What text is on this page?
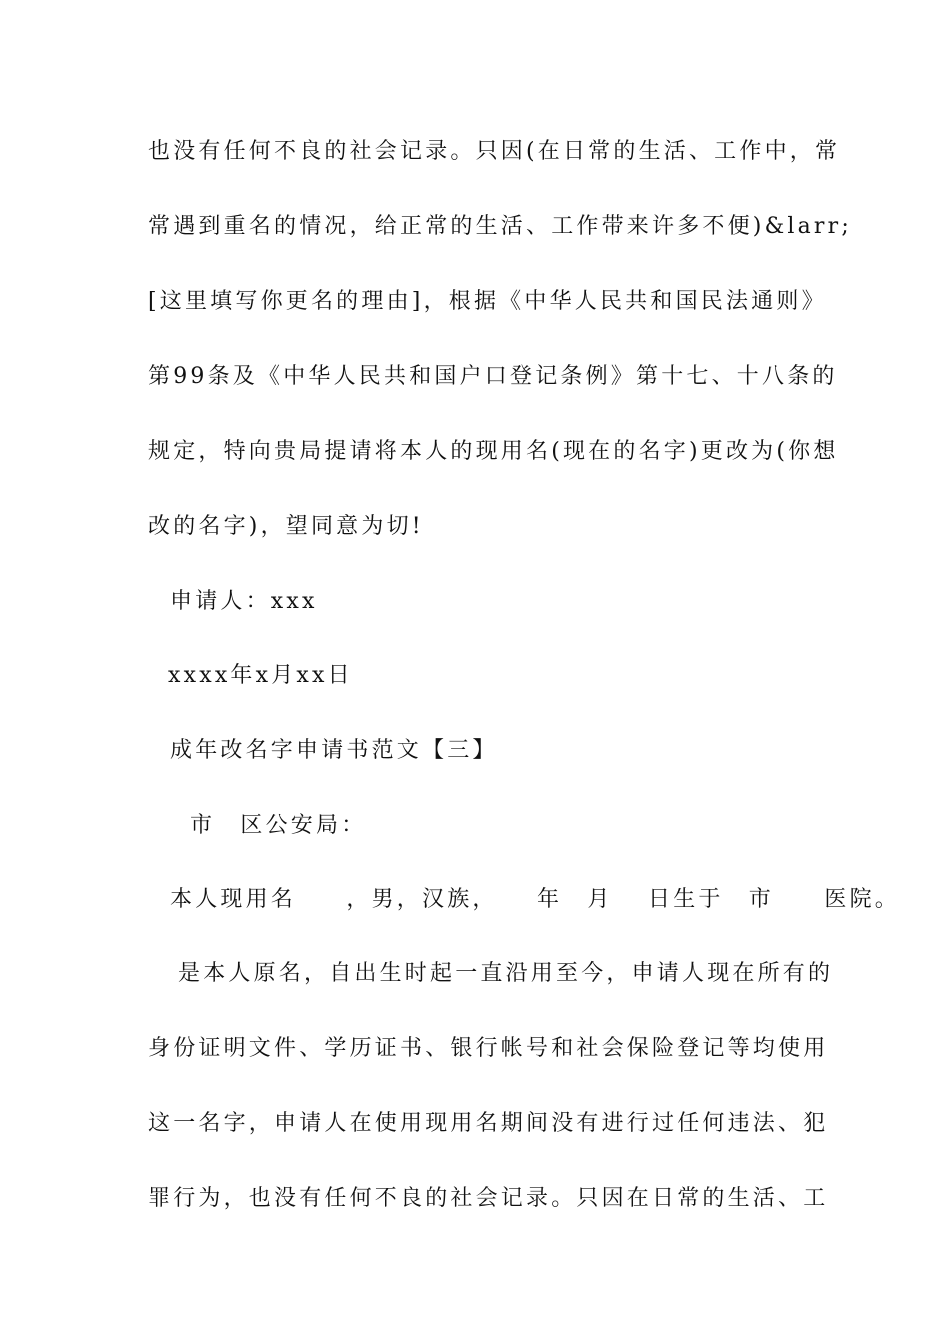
也没有任何不良的社会记录。只因(在日常的生活、工作中，常
常遇到重名的情况，给正常的生活、工作带来许多不便)&larr;
[这里填写你更名的理由]，根据《中华人民共和国民法通则》
第99条及《中华人民共和国户口登记条例》第十七、十八条的
规定，特向贵局提请将本人的现用名(现在的名字)更改为(你想
改的名字)，望同意为切!
申请人：xxx
xxxx年x月xx日
成年改名字申请书范文【三】
市　区公安局：
本人现用名　　，男，汉族，　　年　月　 日生于　市　　医院。
是本人原名，自出生时起一直沿用至今，申请人现在所有的
身份证明文件、学历证书、银行帐号和社会保险登记等均使用
这一名字，申请人在使用现用名期间没有进行过任何违法、犯
罪行为，也没有任何不良的社会记录。只因在日常的生活、工
